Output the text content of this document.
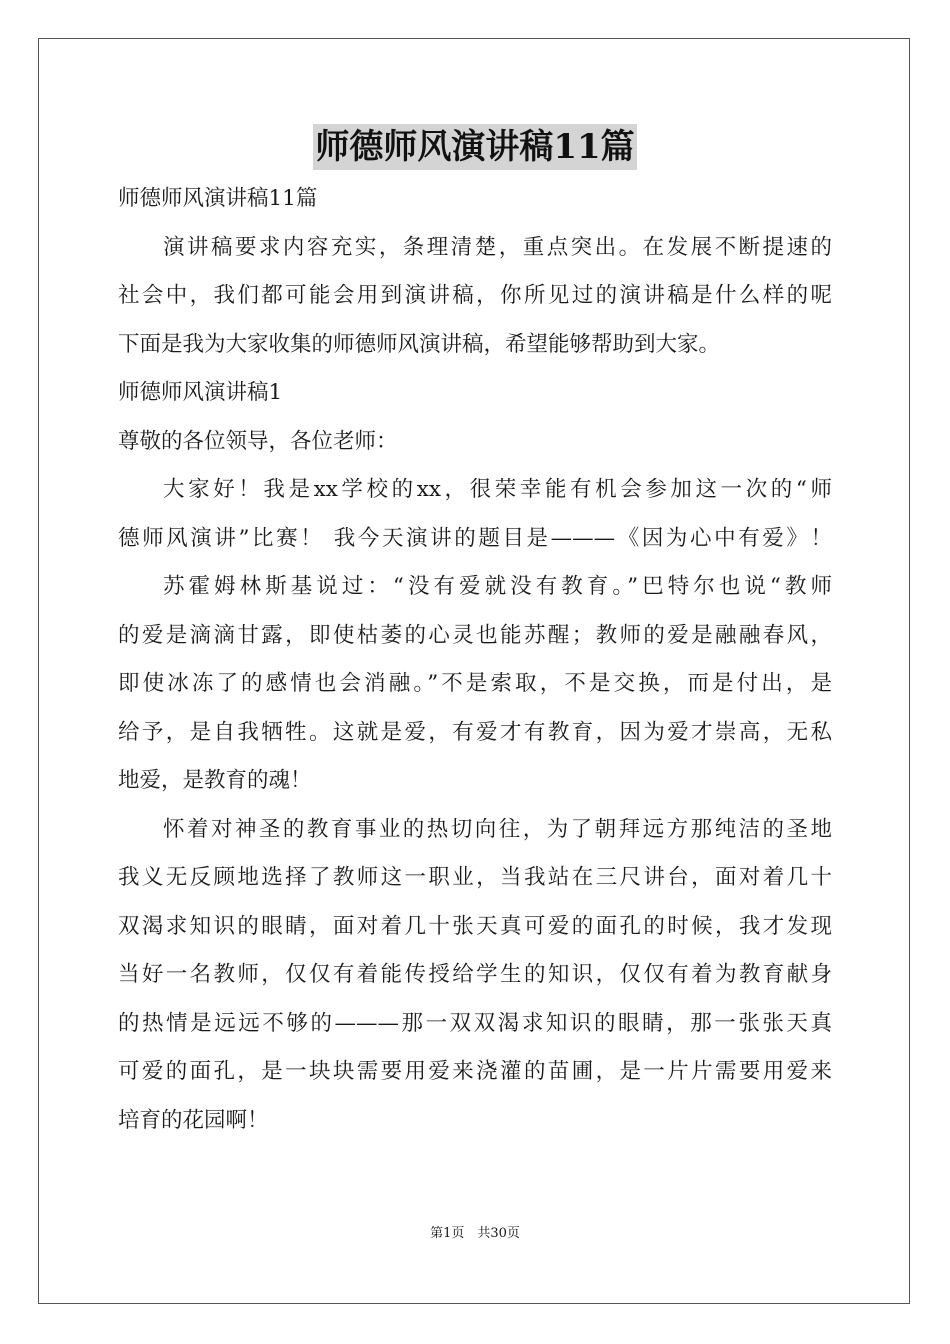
师德师风演讲稿11篇
师德师风演讲稿11篇
演讲稿要求内容充实，条理清楚，重点突出。在发展不断提速的
社会中，我们都可能会用到演讲稿，你所见过的演讲稿是什么样的呢
下面是我为大家收集的师德师风演讲稿，希望能够帮助到大家。
师德师风演讲稿1
尊敬的各位领导，各位老师：
大家好！我是xx学校的xx，很荣幸能有机会参加这一次的“师
德师风演讲”比赛！ 我今天演讲的题目是———《因为心中有爱》！
苏霍姆林斯基说过：“没有爱就没有教育。”巴特尔也说“教师
的爱是滴滴甘露，即使枯萎的心灵也能苏醒；教师的爱是融融春风，
即使冰冻了的感情也会消融。”不是索取，不是交换，而是付出，是
给予，是自我牺牲。这就是爱，有爱才有教育，因为爱才崇高，无私
地爱，是教育的魂！
怀着对神圣的教育事业的热切向往，为了朝拜远方那纯洁的圣地
我义无反顾地选择了教师这一职业，当我站在三尺讲台，面对着几十
双渴求知识的眼睛，面对着几十张天真可爱的面孔的时候，我才发现
当好一名教师，仅仅有着能传授给学生的知识，仅仅有着为教育献身
的热情是远远不够的———那一双双渴求知识的眼睛，那一张张天真
可爱的面孔，是一块块需要用爱来浇灌的苗圃，是一片片需要用爱来
培育的花园啊！
第1页　共30页
